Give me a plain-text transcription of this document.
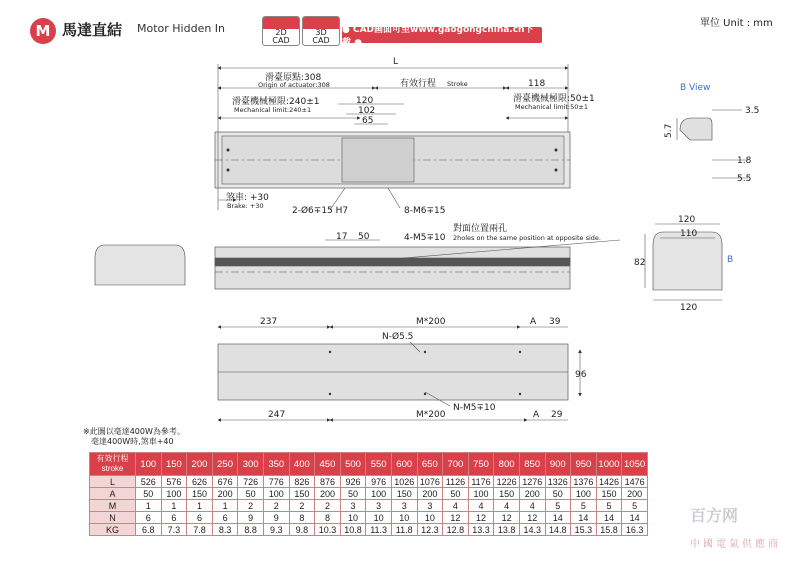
M 馬達直結 Motor Hidden In	2D
CAD
3D
CAD
● CAD画面可至www.gaogongchina.cn下載 ●
單位 Unit : mm
L
滑臺原點:308
Origin of actuator:308	有效行程 Stroke	118
滑臺機械極限:240±1
Mechanical limit:240±1
滑臺機械極限:50±1
Mechanical limit:50±1
120
102
65
煞車: +30
Brake: +30	2-Ø6∓15 H7	8-M6∓15
B View
3.5
5.7
1.8
5.5
17 50	4-M5∓10
對面位置兩孔
2holes on the same position at opposite side.
120
110
82
120
B
237	M*200	A 39
N-Ø5.5
96
N-M5∓10
247	M*200	A 29
※此圖以毫達400W為參考。
毫達400W時,煞車+40
有效行程
stroke	100	150	200	250	300	350	400	450	500	550	600	650	700	750	800	850	900	950	1000	1050
L	526	576	626	676	726	776	826	876	926	976	1026	1076	1126	1176	1226	1276	1326	1376	1426	1476
A	50	100	150	200	50	100	150	200	50	100	150	200	50	100	150	200	50	100	150	200
M	1	1	1	1	2	2	2	2	3	3	3	3	4	4	4	4	5	5	5	5
N	6	6	6	6	9	9	8	8	10	10	10	10	12	12	12	12	14	14	14	14
KG	6.8	7.3	7.8	8.3	8.8	9.3	9.8	10.3	10.8	11.3	11.8	12.3	12.8	13.3	13.8	14.3	14.8	15.3	15.8	16.3
百方网
中國電氣供應商
